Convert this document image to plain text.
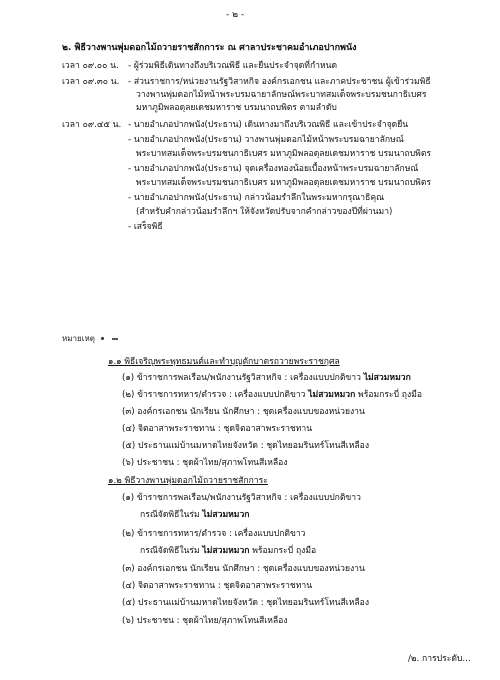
- ๒ -
๒. พิธีวางพานพุ่มดอกไม้ถวายราชสักการะ ณ ศาลาประชาคมอำเภอปากพนัง
เวลา ๐๙.๐๐ น. - ผู้ร่วมพิธีเดินทางถึงบริเวณพิธี และยืนประจำจุดที่กำหนด
เวลา ๐๙.๓๐ น. - ส่วนราชการ/หน่วยงานรัฐวิสาหกิจ องค์กรเอกชน และภาคประชาชน ผู้เข้าร่วมพิธี
วางพานพุ่มดอกไม้หน้าพระบรมฉายาลักษณ์พระบาทสมเด็จพระบรมชนกาธิเบศร
มหาภูมิพลอดุลยเดชมหาราช บรมนาถบพิตร ตามลำดับ
เวลา ๐๙.๔๕ น. - นายอำเภอปากพนัง(ประธาน) เดินทางมาถึงบริเวณพิธี และเข้าประจำจุดยืน
- นายอำเภอปากพนัง(ประธาน) วางพานพุ่มดอกไม้หน้าพระบรมฉายาลักษณ์
พระบาทสมเด็จพระบรมชนกาธิเบศร มหาภูมิพลอดุลยเดชมหาราช บรมนาถบพิตร
- นายอำเภอปากพนัง(ประธาน) จุดเครื่องทองน้อยเบื้องหน้าพระบรมฉายาลักษณ์
พระบาทสมเด็จพระบรมชนกาธิเบศร มหาภูมิพลอดุลยเดชมหาราช บรมนาถบพิตร
- นายอำเภอปากพนัง(ประธาน) กล่าวน้อมรำลึกในพระมหากรุณาธิคุณ
(สำหรับคำกล่าวน้อมรำลึกฯ ให้จังหวัดปรับจากคำกล่าวของปีที่ผ่านมา)
- เสร็จพิธี
หมายเหตุ
๑.๑ พิธีเจริญพระพุทธมนต์และทำบุญตักบาตรถวายพระราชกุศล
(๑) ข้าราชการพลเรือน/พนักงานรัฐวิสาหกิจ : เครื่องแบบปกติขาว ไม่สวมหมวก
(๒) ข้าราชการทหาร/ตำรวจ : เครื่องแบบปกติขาว ไม่สวมหมวก พร้อมกระบี่ ถุงมือ
(๓) องค์กรเอกชน นักเรียน นักศึกษา : ชุดเครื่องแบบของหน่วยงาน
(๔) จิตอาสาพระราชทาน : ชุดจิตอาสาพระราชทาน
(๕) ประธานแม่บ้านมหาดไทยจังหวัด : ชุดไทยอมรินทร์โทนสีเหลือง
(๖) ประชาชน : ชุดผ้าไทย/สุภาพโทนสีเหลือง
๑.๒ พิธีวางพานพุ่มดอกไม้ถวายราชสักการะ
(๑) ข้าราชการพลเรือน/พนักงานรัฐวิสาหกิจ : เครื่องแบบปกติขาว
กรณีจัดพิธีในร่ม ไม่สวมหมวก
(๒) ข้าราชการทหาร/ตำรวจ : เครื่องแบบปกติขาว
กรณีจัดพิธีในร่ม ไม่สวมหมวก พร้อมกระบี่ ถุงมือ
(๓) องค์กรเอกชน นักเรียน นักศึกษา : ชุดเครื่องแบบของหน่วยงาน
(๔) จิตอาสาพระราชทาน : ชุดจิตอาสาพระราชทาน
(๕) ประธานแม่บ้านมหาดไทยจังหวัด : ชุดไทยอมรินทร์โทนสีเหลือง
(๖) ประชาชน : ชุดผ้าไทย/สุภาพโทนสีเหลือง
/๒. การประดับ...
